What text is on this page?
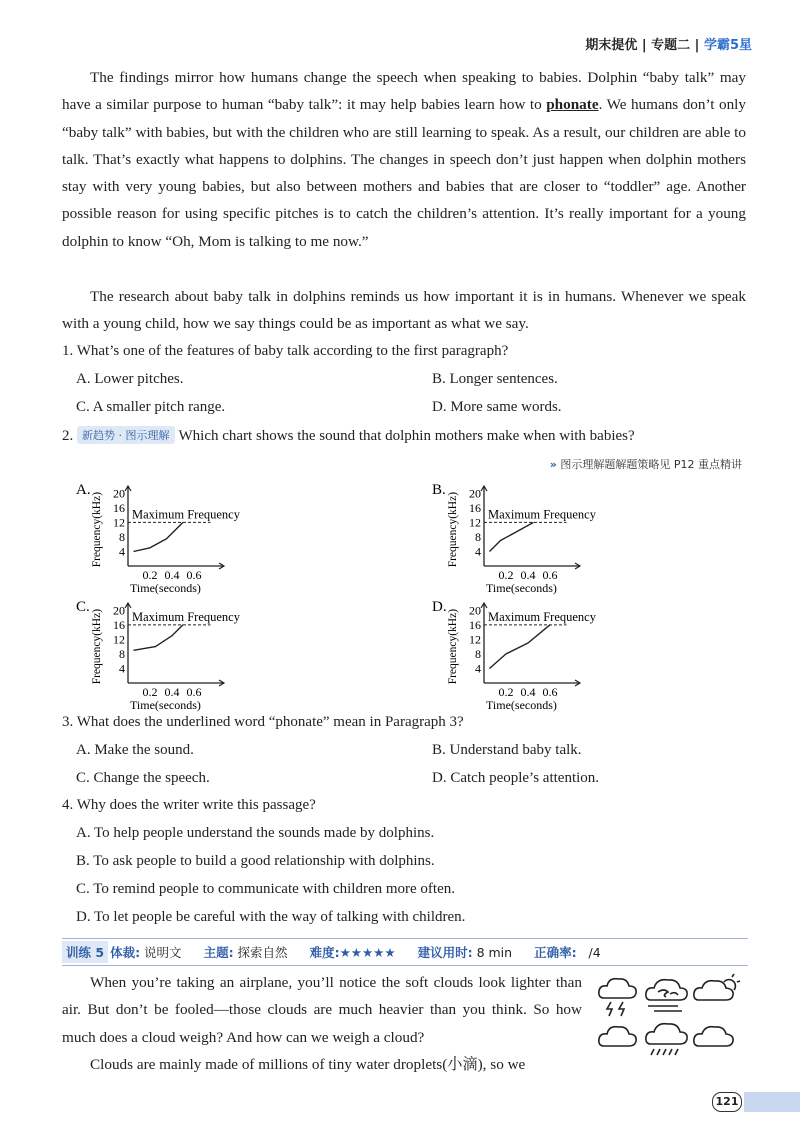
期末提优 | 专题二 | 学霸5星
The findings mirror how humans change the speech when speaking to babies. Dolphin “baby talk” may have a similar purpose to human “baby talk”: it may help babies learn how to phonate. We humans don’t only “baby talk” with babies, but with the children who are still learning to speak. As a result, our children are able to talk. That’s exactly what happens to dolphins. The changes in speech don’t just happen when dolphin mothers stay with very young babies, but also between mothers and babies that are closer to “toddler” age. Another possible reason for using specific pitches is to catch the children’s attention. It’s really important for a young dolphin to know “Oh, Mom is talking to me now.”
The research about baby talk in dolphins reminds us how important it is in humans. Whenever we speak with a young child, how we say things could be as important as what we say.
1. What’s one of the features of baby talk according to the first paragraph?
A. Lower pitches.	B. Longer sentences.
C. A smaller pitch range.	D. More same words.
2. 新趋势 · 图示理解 Which chart shows the sound that dolphin mothers make when with babies?
» 图示理解题解题策略见 P12 重点精讲
A. 20
16
12
8
4
0.2 0.4 0.6
Frequency(kHz)
Time(seconds)
Maximum Frequency
B. 20
16
12
8
4
0.2 0.4 0.6
Frequency(kHz)
Time(seconds)
Maximum Frequency
C. 20
16
12
8
4
0.2 0.4 0.6
Frequency(kHz)
Time(seconds)
Maximum Frequency
D. 20
16
12
8
4
0.2 0.4 0.6
Frequency(kHz)
Time(seconds)
Maximum Frequency
3. What does the underlined word “phonate” mean in Paragraph 3?
A. Make the sound.	B. Understand baby talk.
C. Change the speech.	D. Catch people’s attention.
4. Why does the writer write this passage?
A. To help people understand the sounds made by dolphins.
B. To ask people to build a good relationship with dolphins.
C. To remind people to communicate with children more often.
D. To let people be careful with the way of talking with children.
训练 5 体裁: 说明文 主题: 探索自然 难度:★★★★★ 建议用时: 8 min 正确率: /4
When you’re taking an airplane, you’ll notice the soft clouds look lighter than air. But don’t be fooled—those clouds are much heavier than you think. So how much does a cloud weigh? And how can we weigh a cloud?
Clouds are mainly made of millions of tiny water droplets(小滴), so we
121
